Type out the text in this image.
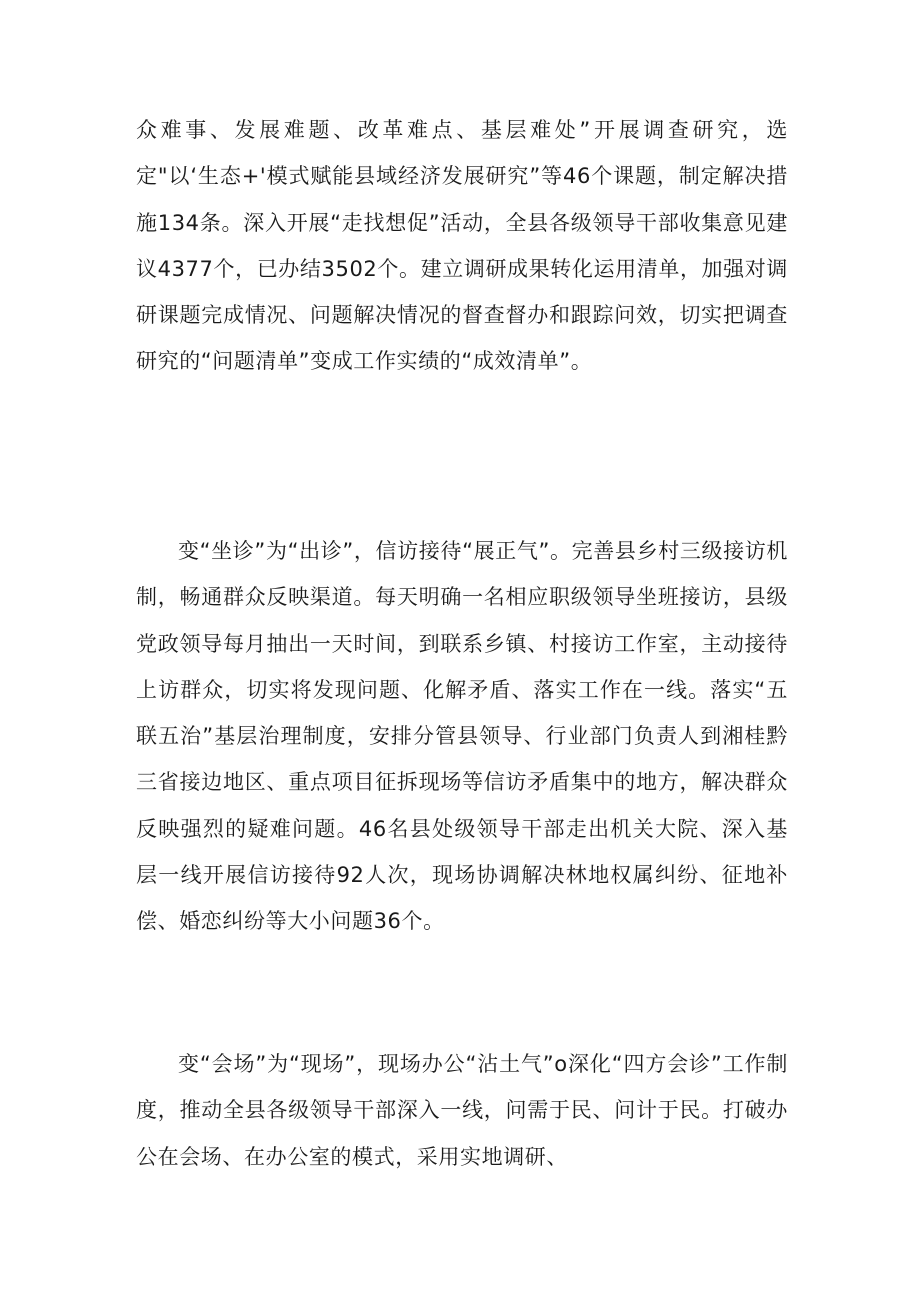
众难事、发展难题、改革难点、基层难处”开展调查研究，选定"以‘生态+'模式赋能县域经济发展研究”等46个课题，制定解决措施134条。深入开展“走找想促”活动，全县各级领导干部收集意见建议4377个，已办结3502个。建立调研成果转化运用清单，加强对调研课题完成情况、问题解决情况的督查督办和跟踪问效，切实把调查研究的“问题清单”变成工作实绩的“成效清单”。

变“坐诊”为“出诊”，信访接待“展正气”。完善县乡村三级接访机制，畅通群众反映渠道。每天明确一名相应职级领导坐班接访，县级党政领导每月抽出一天时间，到联系乡镇、村接访工作室，主动接待上访群众，切实将发现问题、化解矛盾、落实工作在一线。落实“五联五治”基层治理制度，安排分管县领导、行业部门负责人到湘桂黔三省接边地区、重点项目征拆现场等信访矛盾集中的地方，解决群众反映强烈的疑难问题。46名县处级领导干部走出机关大院、深入基层一线开展信访接待92人次，现场协调解决林地权属纠纷、征地补偿、婚恋纠纷等大小问题36个。

变“会场”为“现场”，现场办公“沾土气”o深化“四方会诊”工作制度，推动全县各级领导干部深入一线，问需于民、问计于民。打破办公在会场、在办公室的模式，采用实地调研、
